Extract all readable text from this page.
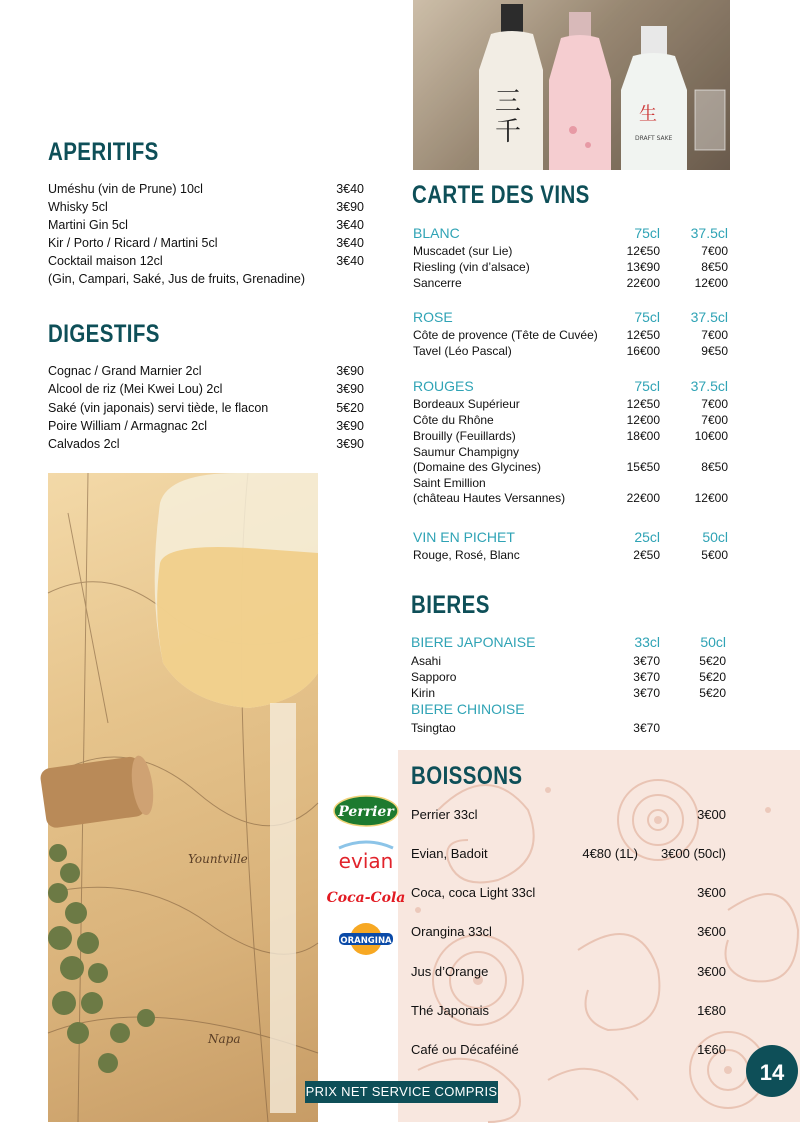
三
千
生
DRAFT SAKE
APERITIFS
Uméshu (vin de Prune) 10cl	3€40
Whisky 5cl	3€90
Martini Gin 5cl	3€40
Kir / Porto / Ricard / Martini 5cl	3€40
Cocktail maison 12cl	3€40
(Gin, Campari, Saké, Jus de fruits, Grenadine)
DIGESTIFS
Cognac / Grand Marnier 2cl	3€90
Alcool de riz (Mei Kwei Lou) 2cl	3€90
Saké (vin japonais) servi tiède, le flacon	5€20
Poire William / Armagnac 2cl	3€90
Calvados 2cl	3€90
Yountville
Napa
CARTE DES VINS
BLANC	75cl 37.5cl
Muscadet (sur Lie)	12€50	7€00
Riesling (vin d’alsace)	13€90	8€50
Sancerre	22€00	12€00
ROSE	75cl 37.5cl
Côte de provence (Tête de Cuvée) 12€50	7€00
Tavel (Léo Pascal)	16€00	9€50
ROUGES	75cl 37.5cl
Bordeaux Supérieur	12€50	7€00
Côte du Rhône	12€00	7€00
Brouilly (Feuillards)	18€00	10€00
Saumur Champigny
(Domaine des Glycines)	15€50	8€50
Saint Emillion
(château Hautes Versannes)	22€00	12€00
VIN EN PICHET	25cl	50cl
Rouge, Rosé, Blanc	2€50	5€00
BIERES
BIERE JAPONAISE	33cl	50cl
Asahi	3€70	5€20
Sapporo	3€70	5€20
Kirin	3€70	5€20
BIERE CHINOISE
Tsingtao	3€70
BOISSONS
Perrier 33cl	3€00
Evian, Badoit	4€80 (1L) 3€00 (50cl)
Coca, coca Light 33cl	3€00
Orangina 33cl	3€00
Jus d’Orange	3€00
Thé Japonais	1€80
Café ou Décaféiné	1€60
Perrier
evian
Coca-Cola
ORANGINA
PRIX NET SERVICE COMPRIS
14
